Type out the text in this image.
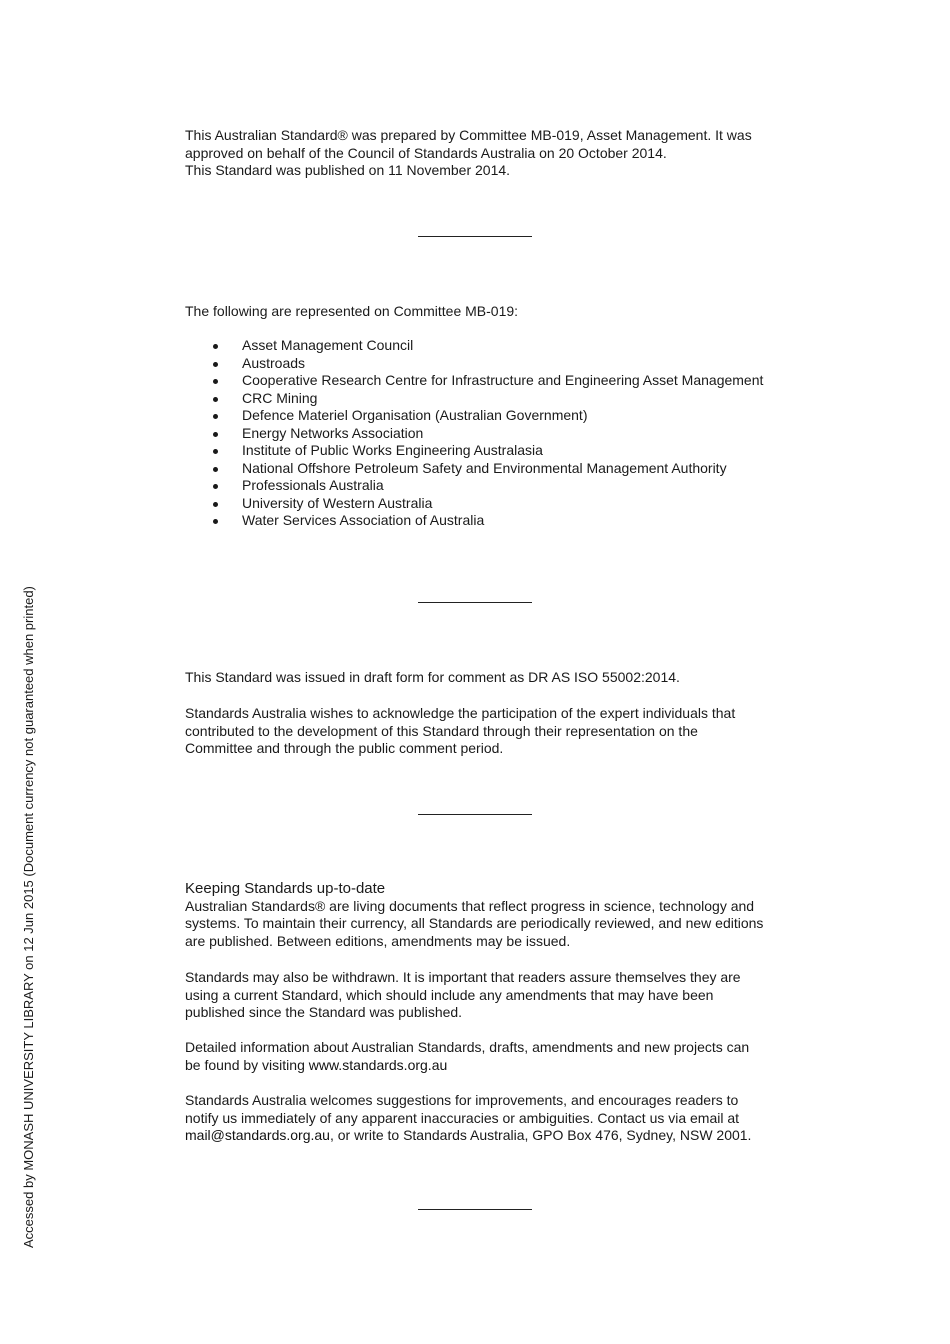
This Australian Standard® was prepared by Committee MB-019, Asset Management. It was

approved on behalf of the Council of Standards Australia on 20 October 2014.

This Standard was published on 11 November 2014.

The following are represented on Committee MB-019:

Asset Management Council
Austroads
Cooperative Research Centre for Infrastructure and Engineering Asset Management
CRC Mining
Defence Materiel Organisation (Australian Government)
Energy Networks Association
Institute of Public Works Engineering Australasia
National Offshore Petroleum Safety and Environmental Management Authority
Professionals Australia
University of Western Australia
Water Services Association of Australia

This Standard was issued in draft form for comment as DR AS ISO 55002:2014.

Standards Australia wishes to acknowledge the participation of the expert individuals that

contributed to the development of this Standard through their representation on the

Committee and through the public comment period.

Keeping Standards up-to-date

Australian Standards® are living documents that reflect progress in science, technology and

systems. To maintain their currency, all Standards are periodically reviewed, and new editions

are published. Between editions, amendments may be issued.

Standards may also be withdrawn. It is important that readers assure themselves they are

using a current Standard, which should include any amendments that may have been

published since the Standard was published.

Detailed information about Australian Standards, drafts, amendments and new projects can

be found by visiting www.standards.org.au

Standards Australia welcomes suggestions for improvements, and encourages readers to

notify us immediately of any apparent inaccuracies or ambiguities. Contact us via email at

mail@standards.org.au, or write to Standards Australia, GPO Box 476, Sydney, NSW 2001.

Accessed by MONASH UNIVERSITY LIBRARY on 12 Jun 2015 (Document currency not guaranteed when printed)
